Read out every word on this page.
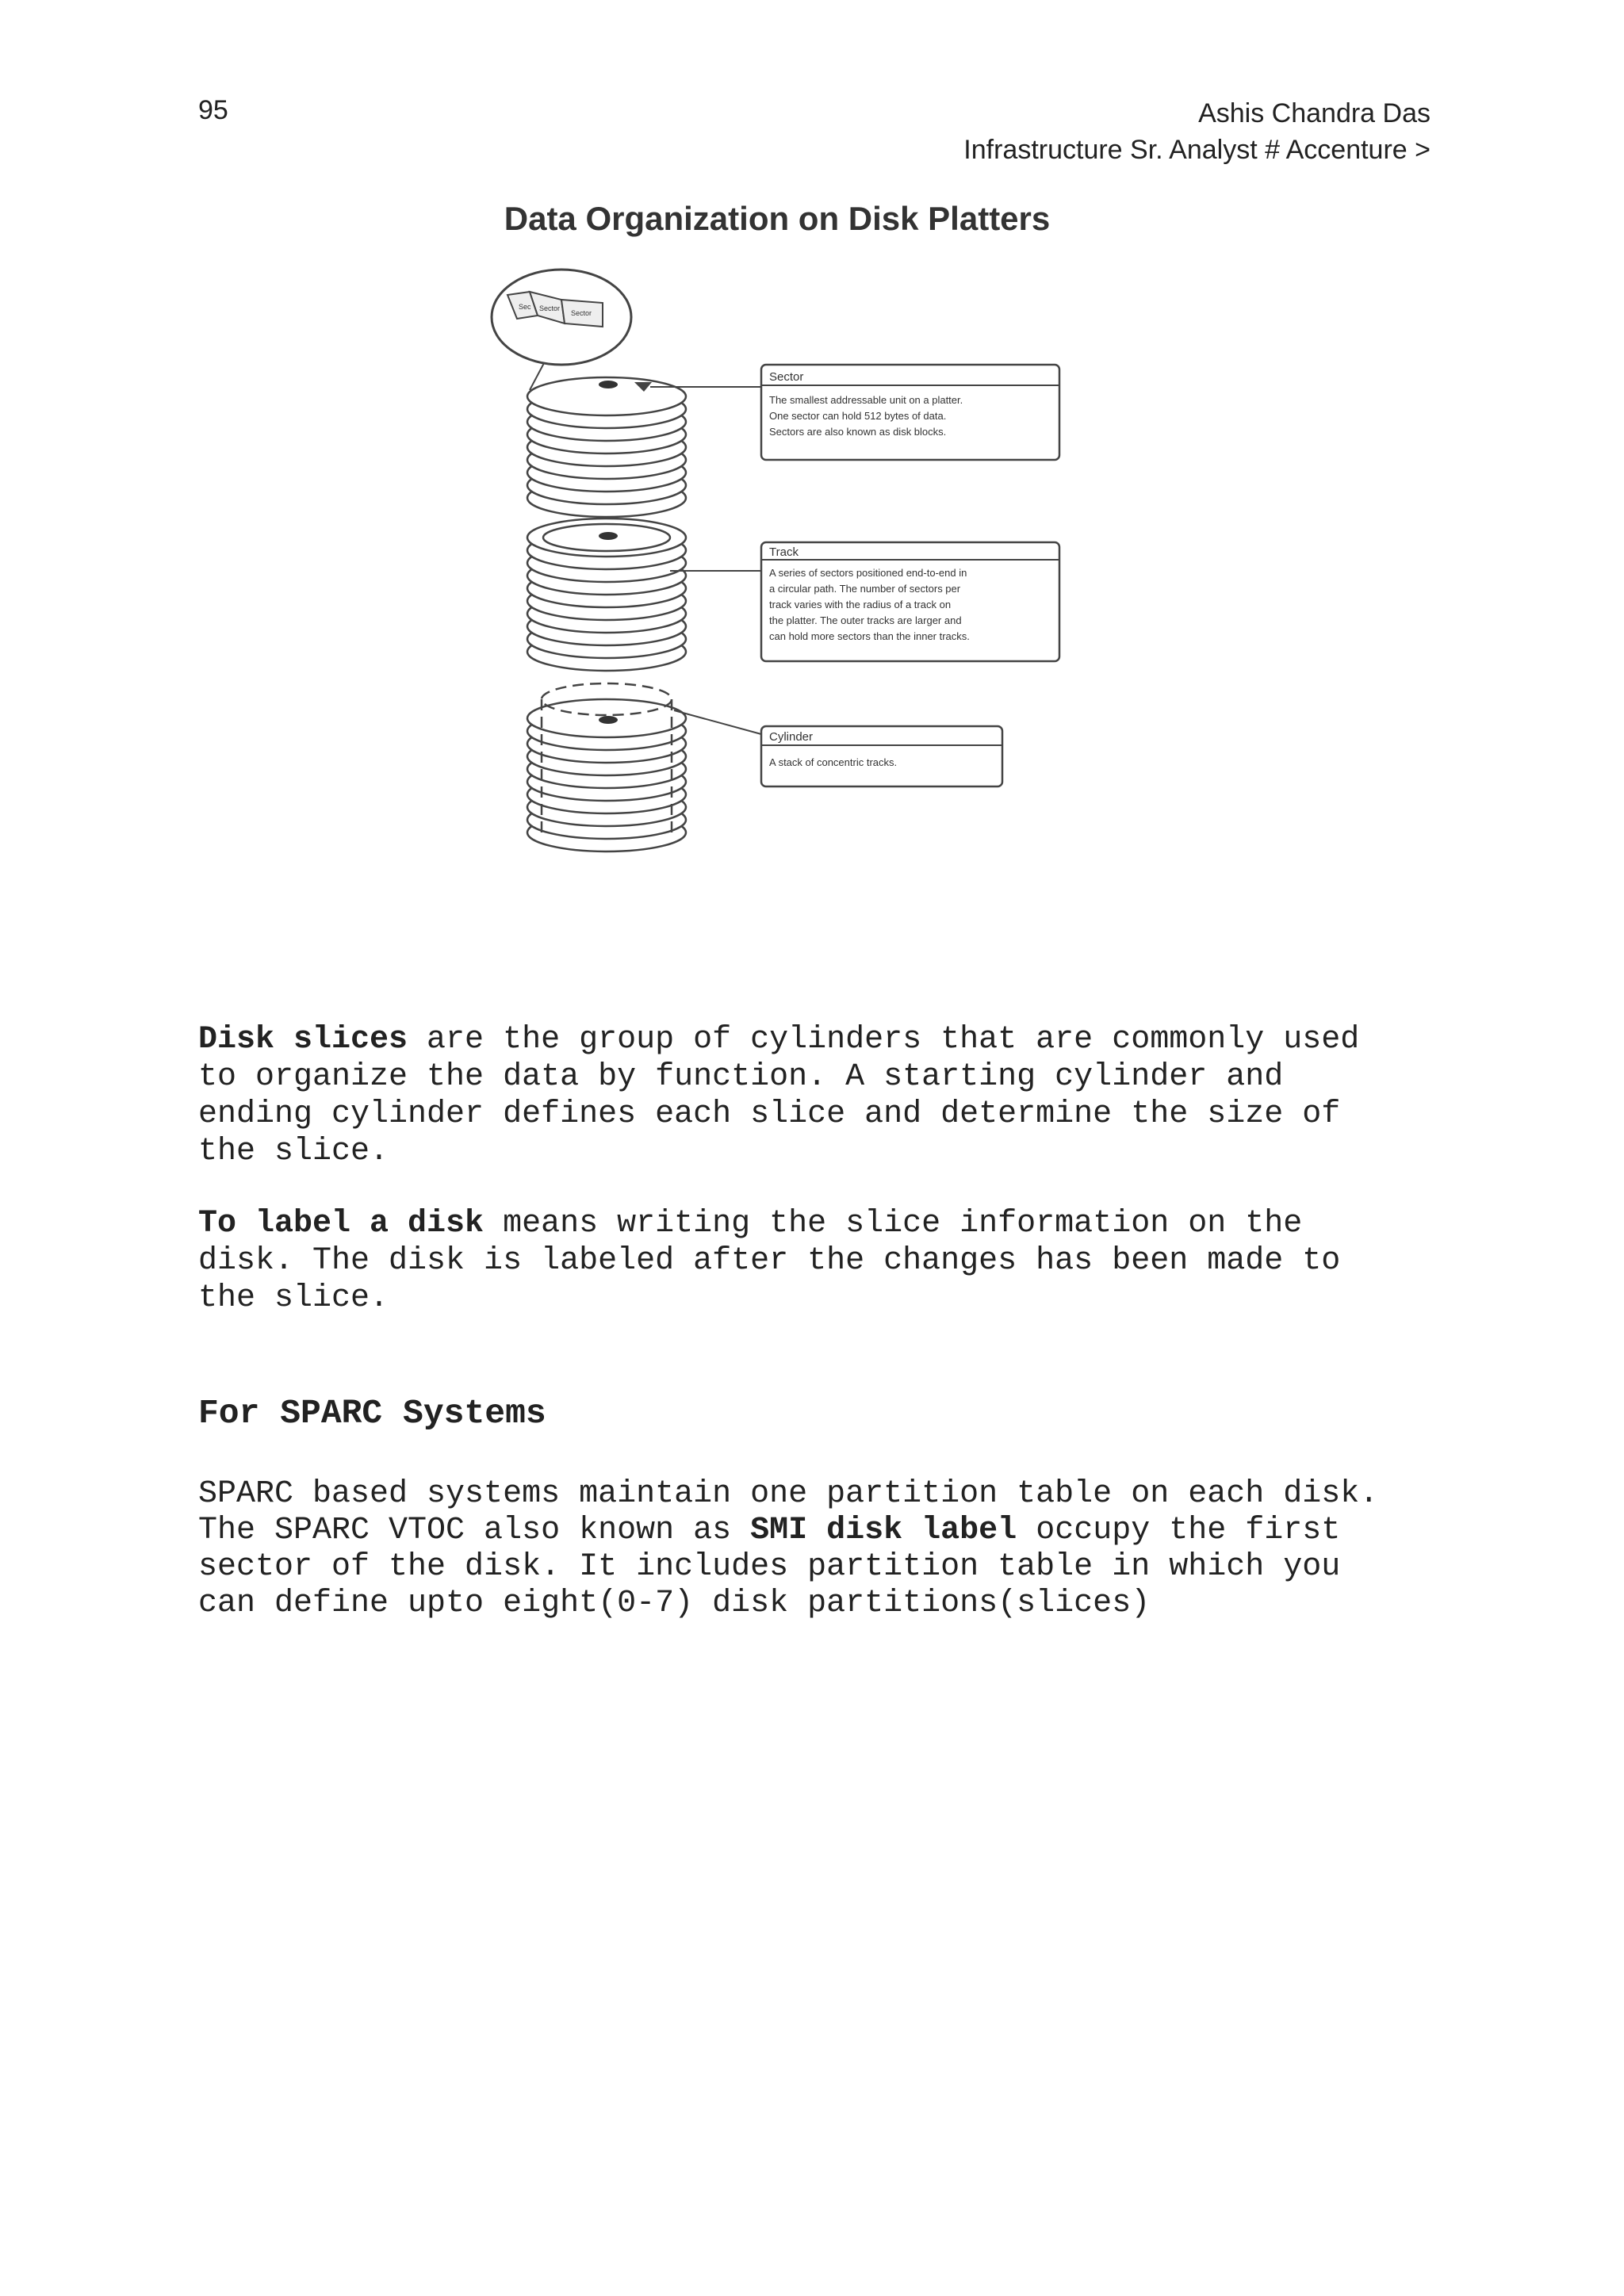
95	Ashis Chandra Das
Infrastructure Sr. Analyst # Accenture >
Data Organization on Disk Platters
Sec Sector
Sector
Sector
The smallest addressable unit on a platter.
One sector can hold 512 bytes of data.
Sectors are also known as disk blocks.
Track
A series of sectors positioned end-to-end in
a circular path. The number of sectors per
track varies with the radius of a track on
the platter. The outer tracks are larger and
can hold more sectors than the inner tracks.
Cylinder
A stack of concentric tracks.

Disk slices are the group of cylinders that are commonly used
to organize the data by function. A starting cylinder and
ending cylinder defines each slice and determine the size of
the slice.

To label a disk means writing the slice information on the
disk. The disk is labeled after the changes has been made to
the slice.

For SPARC Systems

SPARC based systems maintain one partition table on each disk.
The SPARC VTOC also known as SMI disk label occupy the first
sector of the disk. It includes partition table in which you
can define upto eight(0-7) disk partitions(slices)
